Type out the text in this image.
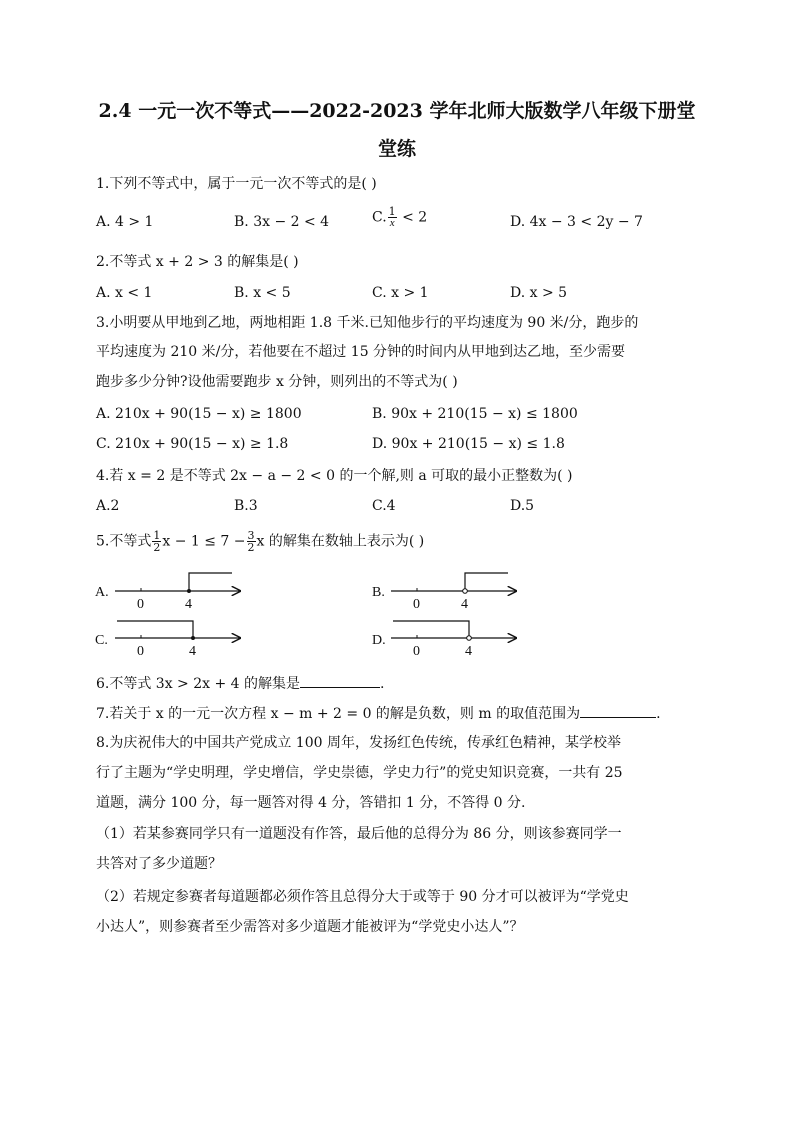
2.4 一元一次不等式——2022-2023 学年北师大版数学八年级下册堂
堂练
1.下列不等式中，属于一元一次不等式的是( )
A. 4 > 1	B. 3x − 2 < 4	C. $\frac{1}{x} < 2$	D. 4x − 3 < 2y − 7
2.不等式 x + 2 > 3 的解集是( )
A. x < 1	B. x < 5	C. x > 1	D. x > 5
3.小明要从甲地到乙地，两地相距 1.8 千米.已知他步行的平均速度为 90 米/分，跑步的
平均速度为 210 米/分，若他要在不超过 15 分钟的时间内从甲地到达乙地，至少需要
跑步多少分钟?设他需要跑步 x 分钟，则列出的不等式为( )
A. 210x + 90(15 − x) ≥ 1800	B. 90x + 210(15 − x) ≤ 1800
C. 210x + 90(15 − x) ≥ 1.8	D. 90x + 210(15 − x) ≤ 1.8
4.若 x = 2 是不等式 2x − a − 2 < 0 的一个解,则 a 可取的最小正整数为( )
A.2	B.3	C.4	D.5
5.不等式 $\frac{1}{2}$ $x - 1 \le 7 - \frac{3}{2}$ x 的解集在数轴上表示为( )
A.
0	4
B.
0	4
C.
0	4
D.
0	4
6.不等式 3x > 2x + 4 的解集是	.
7.若关于 x 的一元一次方程 x − m + 2 = 0 的解是负数，则 m 的取值范围为	.
8.为庆祝伟大的中国共产党成立 100 周年，发扬红色传统，传承红色精神，某学校举
行了主题为“学史明理，学史增信，学史崇德，学史力行”的党史知识竞赛，一共有 25
道题，满分 100 分，每一题答对得 4 分，答错扣 1 分，不答得 0 分.
（1）若某参赛同学只有一道题没有作答，最后他的总得分为 86 分，则该参赛同学一
共答对了多少道题？
（2）若规定参赛者每道题都必须作答且总得分大于或等于 90 分才可以被评为“学党史
小达人”，则参赛者至少需答对多少道题才能被评为“学党史小达人”？
